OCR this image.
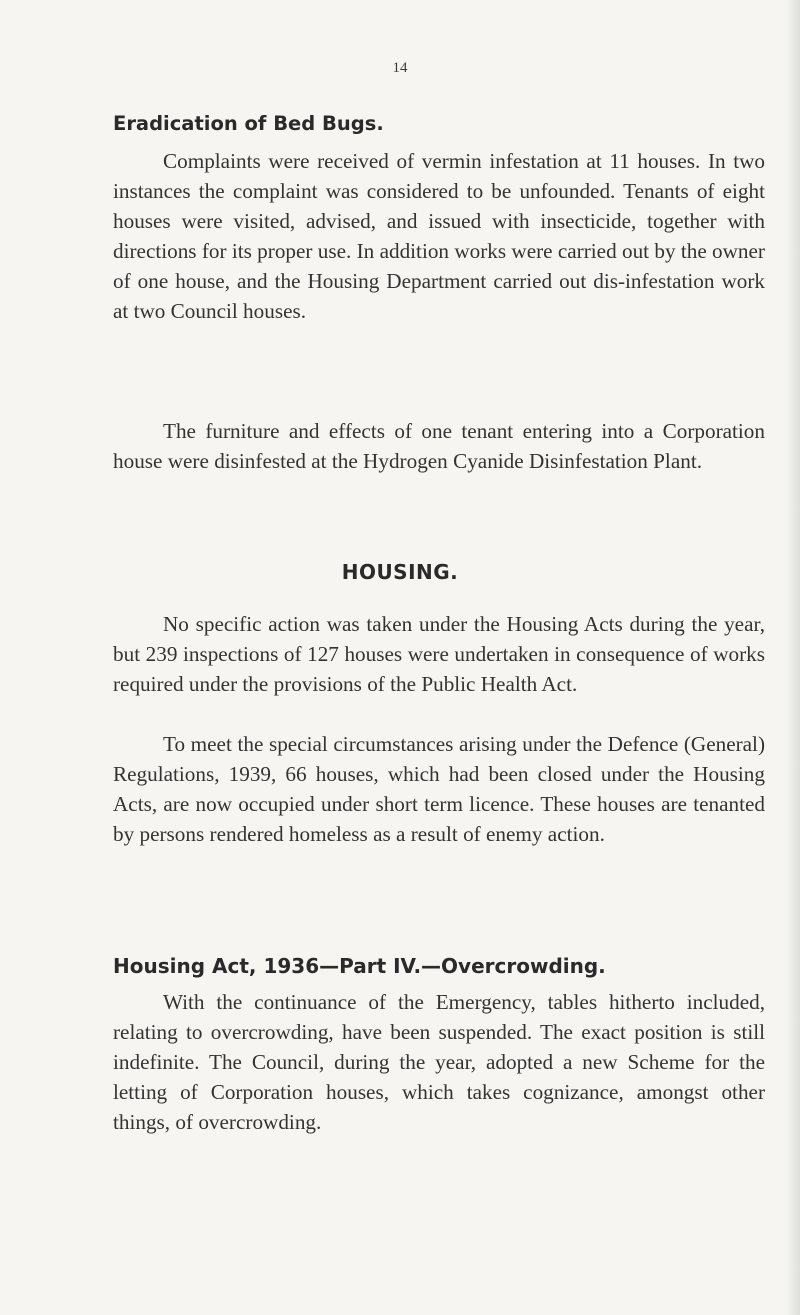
14
Eradication of Bed Bugs.

Complaints were received of vermin infestation at 11 houses. In two instances the complaint was considered to be unfounded. Tenants of eight houses were visited, advised, and issued with insecticide, together with directions for its proper use. In addition works were carried out by the owner of one house, and the Housing Department carried out dis-infestation work at two Council houses.

The furniture and effects of one tenant entering into a Corporation house were disinfested at the Hydrogen Cyanide Disinfestation Plant.

HOUSING.

No specific action was taken under the Housing Acts during the year, but 239 inspections of 127 houses were undertaken in consequence of works required under the provisions of the Public Health Act.

To meet the special circumstances arising under the Defence (General) Regulations, 1939, 66 houses, which had been closed under the Housing Acts, are now occupied under short term licence. These houses are tenanted by persons rendered homeless as a result of enemy action.

Housing Act, 1936—Part IV.—Overcrowding.

With the continuance of the Emergency, tables hitherto included, relating to overcrowding, have been suspended. The exact position is still indefinite. The Council, during the year, adopted a new Scheme for the letting of Corporation houses, which takes cognizance, amongst other things, of overcrowding.
